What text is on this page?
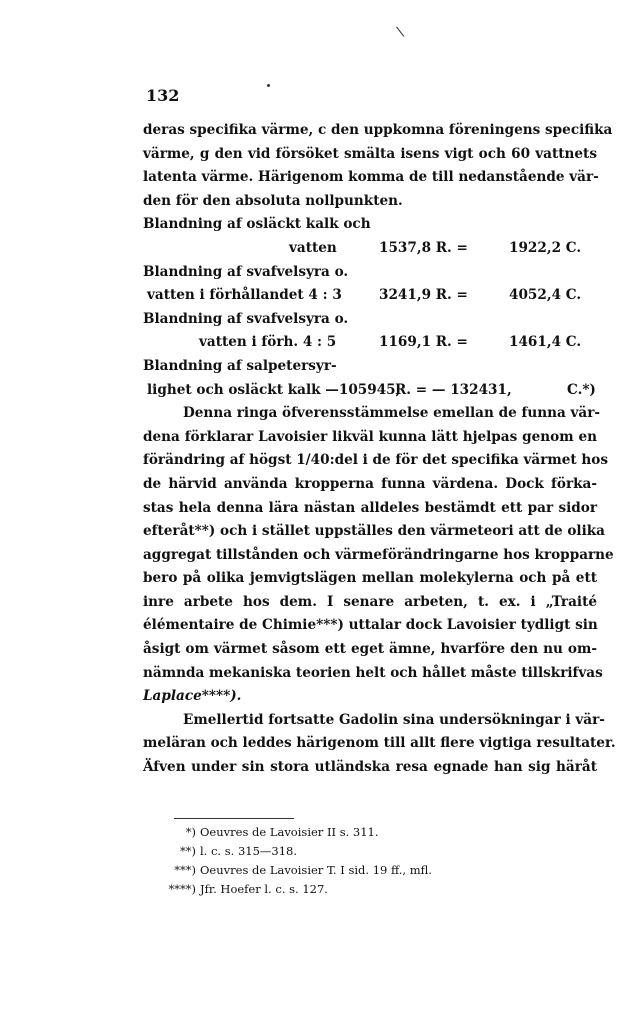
\
132
deras specifika värme, c den uppkomna föreningens specifika
värme, g den vid försöket smälta isens vigt och 60 vattnets
latenta värme. Härigenom komma de till nedanstående vär-
den för den absoluta nollpunkten.
Blandning af osläckt kalk och
vatten	1537,8 R. =	1922,2 C.
Blandning af svafvelsyra o.
vatten i förhållandet 4 : 3	3241,9 R. =	4052,4 C.
Blandning af svafvelsyra o.
vatten i förh. 4 : 5	1169,1 R. =	1461,4 C.
Blandning af salpetersyr-
lighet och osläckt kalk —105945,
R. = — 132431,	C.*)
Denna ringa öfverensstämmelse emellan de funna vär-
dena förklarar Lavoisier likväl kunna lätt hjelpas genom en
förändring af högst 1/40:del i de för det specifika värmet hos
de härvid använda kropperna funna värdena. Dock förka-
stas hela denna lära nästan alldeles bestämdt ett par sidor
efteråt**) och i stället uppställes den värmeteori att de olika
aggregat tillstånden och värmeförändringarne hos kropparne
bero på olika jemvigtslägen mellan molekylerna och på ett
inre arbete hos dem. I senare arbeten, t. ex. i „Traité
élémentaire de Chimie***) uttalar dock Lavoisier tydligt sin
åsigt om värmet såsom ett eget ämne, hvarföre den nu om-
nämnda mekaniska teorien helt och hållet måste tillskrifvas
Laplace****).
Emellertid fortsatte Gadolin sina undersökningar i vär-
meläran och leddes härigenom till allt flere vigtiga resultater.
Äfven under sin stora utländska resa egnade han sig häråt
*) Oeuvres de Lavoisier II s. 311.
**) l. c. s. 315—318.
***) Oeuvres de Lavoisier T. I sid. 19 ff., mfl.
****) Jfr. Hoefer l. c. s. 127.
